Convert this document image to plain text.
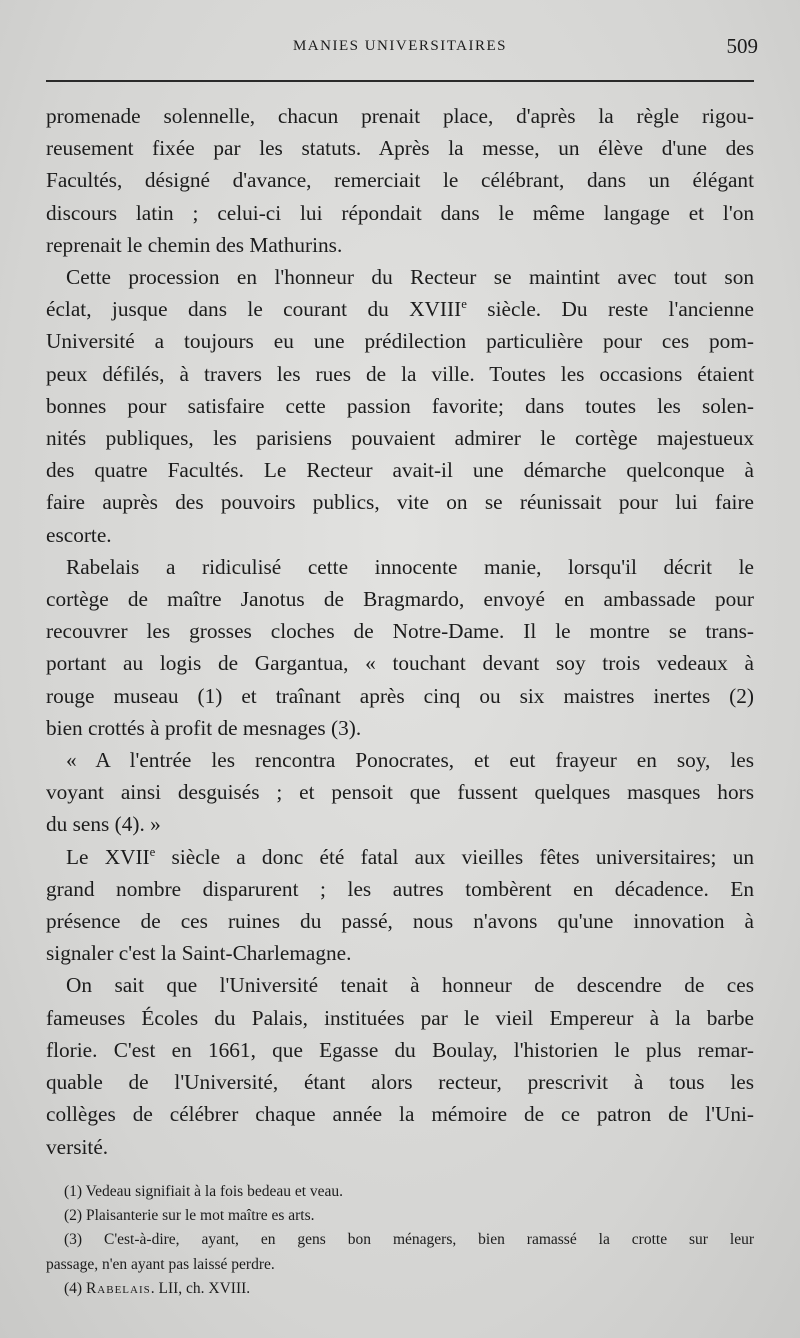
MANIES UNIVERSITAIRES	509

promenade solennelle, chacun prenait place, d'après la règle rigou-
reusement fixée par les statuts. Après la messe, un élève d'une des
Facultés, désigné d'avance, remerciait le célébrant, dans un élégant
discours latin ; celui-ci lui répondait dans le même langage et l'on
reprenait le chemin des Mathurins.

Cette procession en l'honneur du Recteur se maintint avec tout son
éclat, jusque dans le courant du XVIIIe siècle. Du reste l'ancienne
Université a toujours eu une prédilection particulière pour ces pom-
peux défilés, à travers les rues de la ville. Toutes les occasions étaient
bonnes pour satisfaire cette passion favorite; dans toutes les solen-
nités publiques, les parisiens pouvaient admirer le cortège majestueux
des quatre Facultés. Le Recteur avait-il une démarche quelconque à
faire auprès des pouvoirs publics, vite on se réunissait pour lui faire
escorte.

Rabelais a ridiculisé cette innocente manie, lorsqu'il décrit le
cortège de maître Janotus de Bragmardo, envoyé en ambassade pour
recouvrer les grosses cloches de Notre-Dame. Il le montre se trans-
portant au logis de Gargantua, « touchant devant soy trois vedeaux à
rouge museau (1) et traînant après cinq ou six maistres inertes (2)
bien crottés à profit de mesnages (3).

« A l'entrée les rencontra Ponocrates, et eut frayeur en soy, les
voyant ainsi desguisés ; et pensoit que fussent quelques masques hors
du sens (4). »

Le XVIIe siècle a donc été fatal aux vieilles fêtes universitaires; un
grand nombre disparurent ; les autres tombèrent en décadence. En
présence de ces ruines du passé, nous n'avons qu'une innovation à
signaler c'est la Saint-Charlemagne.

On sait que l'Université tenait à honneur de descendre de ces
fameuses Écoles du Palais, instituées par le vieil Empereur à la barbe
florie. C'est en 1661, que Egasse du Boulay, l'historien le plus remar-
quable de l'Université, étant alors recteur, prescrivit à tous les
collèges de célébrer chaque année la mémoire de ce patron de l'Uni-
versité.

(1) Vedeau signifiait à la fois bedeau et veau.
(2) Plaisanterie sur le mot maître es arts.
(3) C'est-à-dire, ayant, en gens bon ménagers, bien ramassé la crotte sur leur
passage, n'en ayant pas laissé perdre.
(4) Rabelais. LII, ch. XVIII.
